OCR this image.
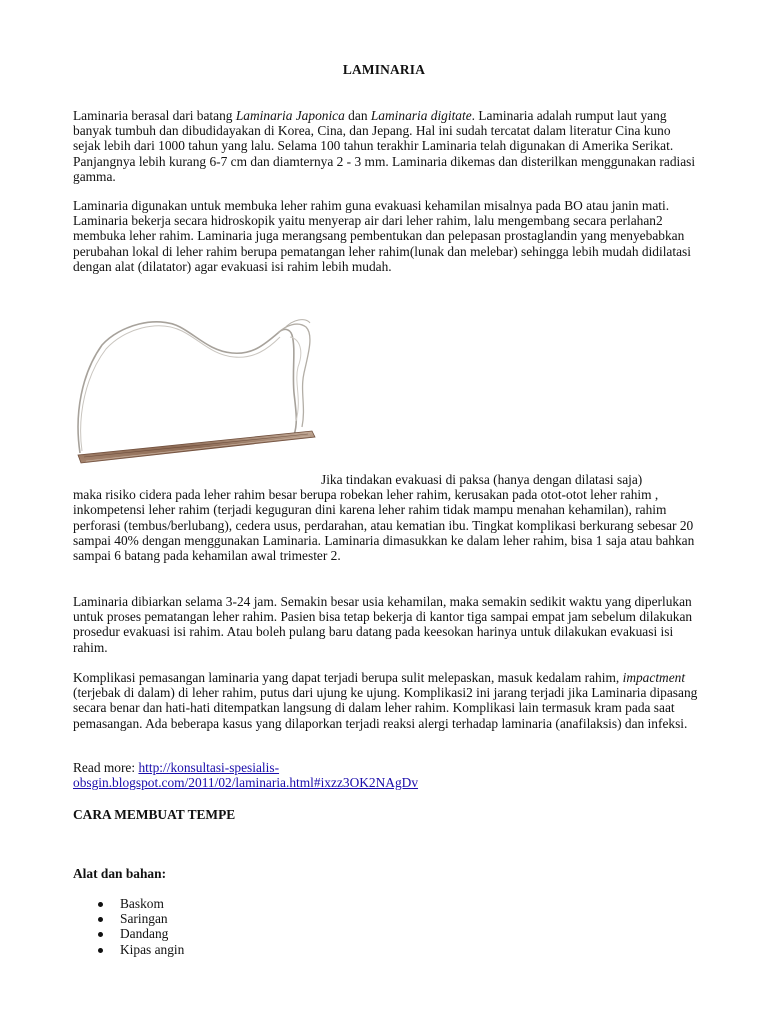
LAMINARIA

Laminaria berasal dari batang Laminaria Japonica dan Laminaria digitate. Laminaria adalah rumput laut yang banyak tumbuh dan dibudidayakan di Korea, Cina, dan Jepang. Hal ini sudah tercatat dalam literatur Cina kuno sejak lebih dari 1000 tahun yang lalu. Selama 100 tahun terakhir Laminaria telah digunakan di Amerika Serikat. Panjangnya lebih kurang 6-7 cm dan diamternya 2 - 3 mm. Laminaria dikemas dan disterilkan menggunakan radiasi gamma.

Laminaria digunakan untuk membuka leher rahim guna evakuasi kehamilan misalnya pada BO atau janin mati. Laminaria bekerja secara hidroskopik yaitu menyerap air dari leher rahim, lalu mengembang secara perlahan2 membuka leher rahim. Laminaria juga merangsang pembentukan dan pelepasan prostaglandin yang menyebabkan perubahan lokal di leher rahim berupa pematangan leher rahim(lunak dan melebar) sehingga lebih mudah didilatasi dengan alat (dilatator) agar evakuasi isi rahim lebih mudah.

Jika tindakan evakuasi di paksa (hanya dengan dilatasi saja)
maka risiko cidera pada leher rahim besar berupa robekan leher rahim, kerusakan pada otot-otot leher rahim , inkompetensi leher rahim (terjadi keguguran dini karena leher rahim tidak mampu menahan kehamilan), rahim perforasi (tembus/berlubang), cedera usus, perdarahan, atau kematian ibu. Tingkat komplikasi berkurang sebesar 20 sampai 40% dengan menggunakan Laminaria. Laminaria dimasukkan ke dalam leher rahim, bisa 1 saja atau bahkan sampai 6 batang pada kehamilan awal trimester 2.

Laminaria dibiarkan selama 3-24 jam. Semakin besar usia kehamilan, maka semakin sedikit waktu yang diperlukan untuk proses pematangan leher rahim. Pasien bisa tetap bekerja di kantor tiga sampai empat jam sebelum dilakukan prosedur evakuasi isi rahim. Atau boleh pulang baru datang pada keesokan harinya untuk dilakukan evakuasi isi rahim.

Komplikasi pemasangan laminaria yang dapat terjadi berupa sulit melepaskan, masuk kedalam rahim, impactment (terjebak di dalam) di leher rahim, putus dari ujung ke ujung. Komplikasi2 ini jarang terjadi jika Laminaria dipasang secara benar dan hati-hati ditempatkan langsung di dalam leher rahim. Komplikasi lain termasuk kram pada saat pemasangan. Ada beberapa kasus yang dilaporkan terjadi reaksi alergi terhadap laminaria (anafilaksis) dan infeksi.

Read more: http://konsultasi-spesialis-
obsgin.blogspot.com/2011/02/laminaria.html#ixzz3OK2NAgDv

CARA MEMBUAT TEMPE
Alat dan bahan:
Baskom
Saringan
Dandang
Kipas angin
